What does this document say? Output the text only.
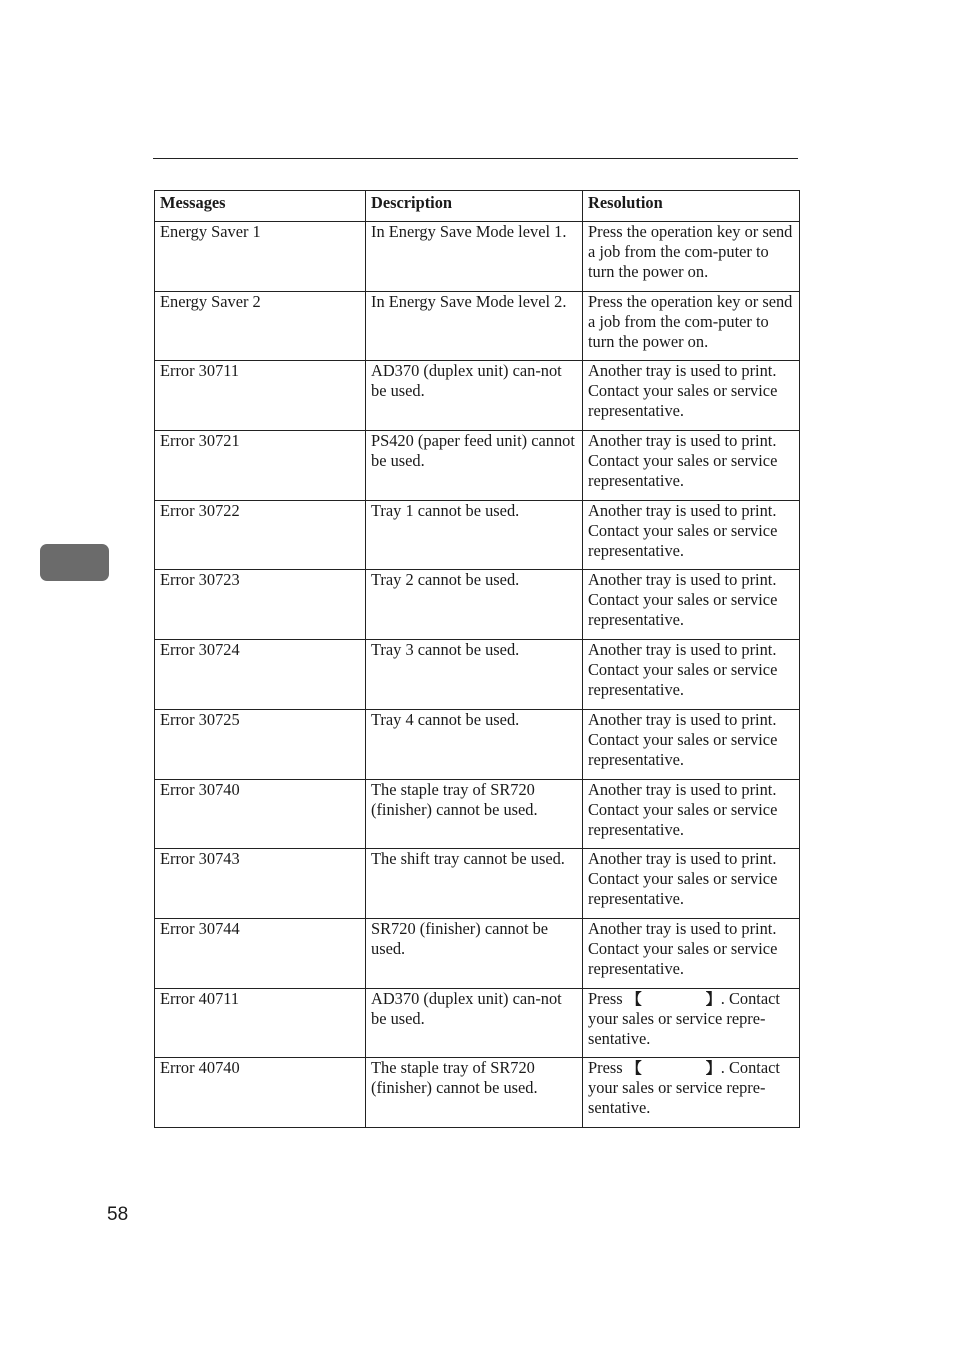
Messages	Description	Resolution
Energy Saver 1	In Energy Save Mode level 1.	Press the operation key or send a job from the com-puter to turn the power on.
Energy Saver 2	In Energy Save Mode level 2.	Press the operation key or send a job from the com-puter to turn the power on.
Error 30711	AD370 (duplex unit) can-not be used.	Another tray is used to print. Contact your sales or service representative.
Error 30721	PS420 (paper feed unit) cannot be used.	Another tray is used to print. Contact your sales or service representative.
Error 30722	Tray 1 cannot be used.	Another tray is used to print. Contact your sales or service representative.
Error 30723	Tray 2 cannot be used.	Another tray is used to print. Contact your sales or service representative.
Error 30724	Tray 3 cannot be used.	Another tray is used to print. Contact your sales or service representative.
Error 30725	Tray 4 cannot be used.	Another tray is used to print. Contact your sales or service representative.
Error 30740	The staple tray of SR720 (finisher) cannot be used.	Another tray is used to print. Contact your sales or service representative.
Error 30743	The shift tray cannot be used.	Another tray is used to print. Contact your sales or service representative.
Error 30744	SR720 (finisher) cannot be used.	Another tray is used to print. Contact your sales or service representative.
Error 40711	AD370 (duplex unit) can-not be used.	Press 【 】. Contact your sales or service repre-sentative.
Error 40740	The staple tray of SR720 (finisher) cannot be used.	Press 【 】. Contact your sales or service repre-sentative.
58
